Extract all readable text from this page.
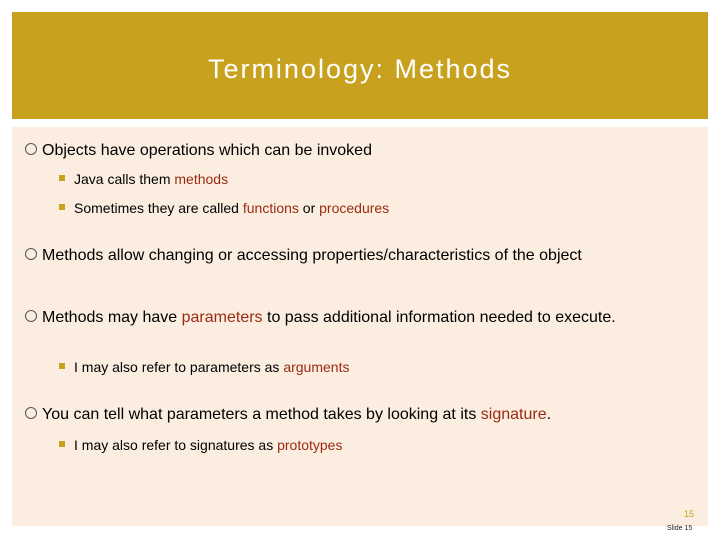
Terminology: Methods
Objects have operations which can be invoked
Java calls them methods
Sometimes they are called functions or procedures
Methods allow changing or accessing properties/characteristics of the object
Methods may have parameters to pass additional information needed to execute.
I may also refer to parameters as arguments
You can tell what parameters a method takes by looking at its signature.
I may also refer to signatures as prototypes
15
Slide 15
